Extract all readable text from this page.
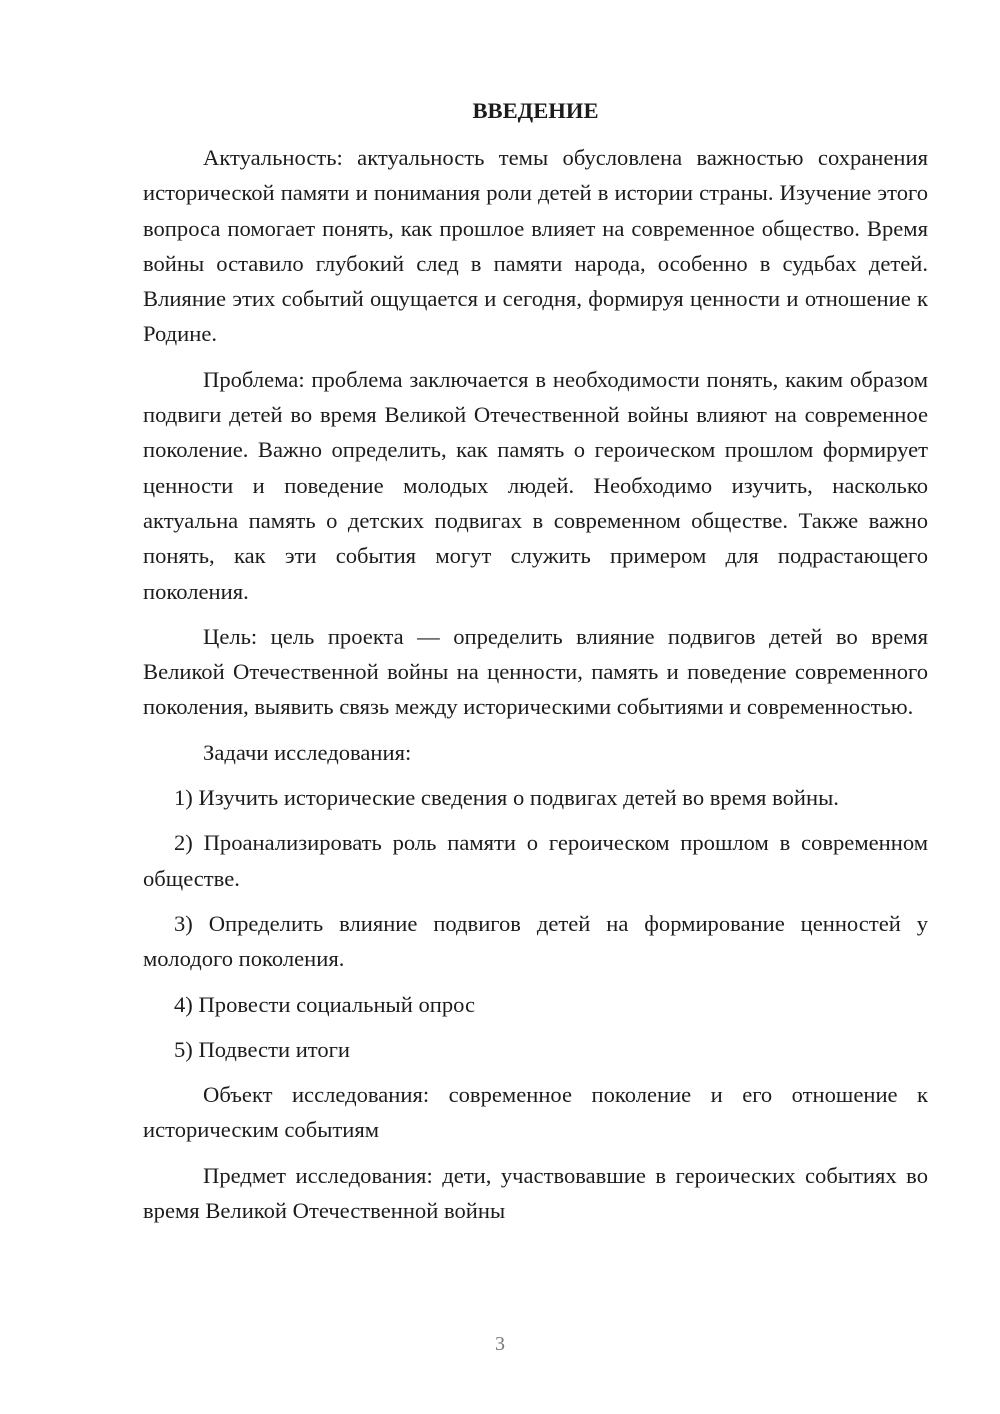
ВВЕДЕНИЕ

Актуальность: актуальность темы обусловлена важностью сохранения исторической памяти и понимания роли детей в истории страны. Изучение этого вопроса помогает понять, как прошлое влияет на современное общество. Время войны оставило глубокий след в памяти народа, особенно в судьбах детей. Влияние этих событий ощущается и сегодня, формируя ценности и отношение к Родине.

Проблема: проблема заключается в необходимости понять, каким образом подвиги детей во время Великой Отечественной войны влияют на современное поколение. Важно определить, как память о героическом прошлом формирует ценности и поведение молодых людей. Необходимо изучить, насколько актуальна память о детских подвигах в современном обществе. Также важно понять, как эти события могут служить примером для подрастающего поколения.

Цель: цель проекта — определить влияние подвигов детей во время Великой Отечественной войны на ценности, память и поведение современного поколения, выявить связь между историческими событиями и современностью.

Задачи исследования:

1) Изучить исторические сведения о подвигах детей во время войны.

2) Проанализировать роль памяти о героическом прошлом в современном обществе.

3) Определить влияние подвигов детей на формирование ценностей у молодого поколения.

4) Провести социальный опрос

5) Подвести итоги

Объект исследования: современное поколение и его отношение к историческим событиям

Предмет исследования: дети, участвовавшие в героических событиях во время Великой Отечественной войны

3
